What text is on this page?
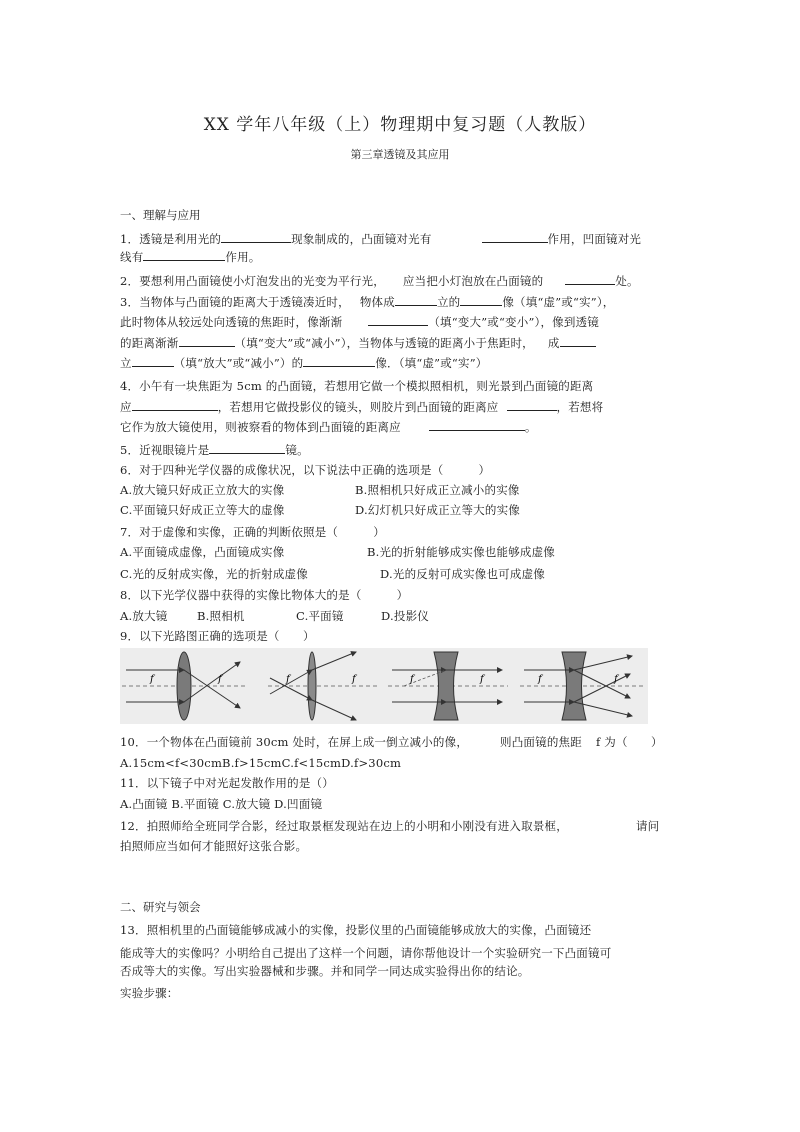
XX 学年八年级（上）物理期中复习题（人教版）
第三章透镜及其应用
一、理解与应用
1．透镜是利用光的	现象制成的，凸面镜对光有	作用，凹面镜对光
线有	作用。
2．要想利用凸面镜使小灯泡发出的光变为平行光， 应当把小灯泡放在凸面镜的	处。
3．当物体与凸面镜的距离大于透镜凑近时， 物体成	立的	像（填“虚”或“实”），
此时物体从较远处向透镜的焦距时，像渐渐	（填“变大”或“变小”），像到透镜
的距离渐渐	（填“变大”或“减小”），当物体与透镜的距离小于焦距时， 成
立	（填“放大”或“减小”）的	像．（填“虚”或“实”）
4．小午有一块焦距为 5cm 的凸面镜，若想用它做一个模拟照相机，则光景到凸面镜的距离
应	，若想用它做投影仪的镜头，则胶片到凸面镜的距离应	，若想将
它作为放大镜使用，则被察看的物体到凸面镜的距离应	。
5．近视眼镜片是	镜。
6．对于四种光学仪器的成像状况，以下说法中正确的选项是（　　　）
A.放大镜只好成正立放大的实像	B.照相机只好成正立减小的实像
C.平面镜只好成正立等大的虚像	D.幻灯机只好成正立等大的实像
7．对于虚像和实像，正确的判断依照是（　　　）
A.平面镜成虚像，凸面镜成实像	B.光的折射能够成实像也能够成虚像
C.光的反射成实像，光的折射成虚像	D.光的反射可成实像也可成虚像
8．以下光学仪器中获得的实像比物体大的是（　　　）
A.放大镜	B.照相机	C.平面镜	D.投影仪
9．以下光路图正确的选项是（　　）
f	f	f	f	f	f	f	f
10．一个物体在凸面镜前 30cm 处时，在屏上成一倒立减小的像，	则凸面镜的焦距 f 为（　　）
A.15cm<f<30cmB.f>15cmC.f<15cmD.f>30cm
11．以下镜子中对光起发散作用的是（）
A.凸面镜 B.平面镜 C.放大镜 D.凹面镜
12．拍照师给全班同学合影，经过取景框发现站在边上的小明和小刚没有进入取景框，	请问
拍照师应当如何才能照好这张合影。
二、研究与领会
13．照相机里的凸面镜能够成减小的实像，投影仪里的凸面镜能够成放大的实像，凸面镜还
能成等大的实像吗？小明给自己提出了这样一个问题，请你帮他设计一个实验研究一下凸面镜可
否成等大的实像。写出实验器械和步骤。并和同学一同达成实验得出你的结论。
实验步骤：
